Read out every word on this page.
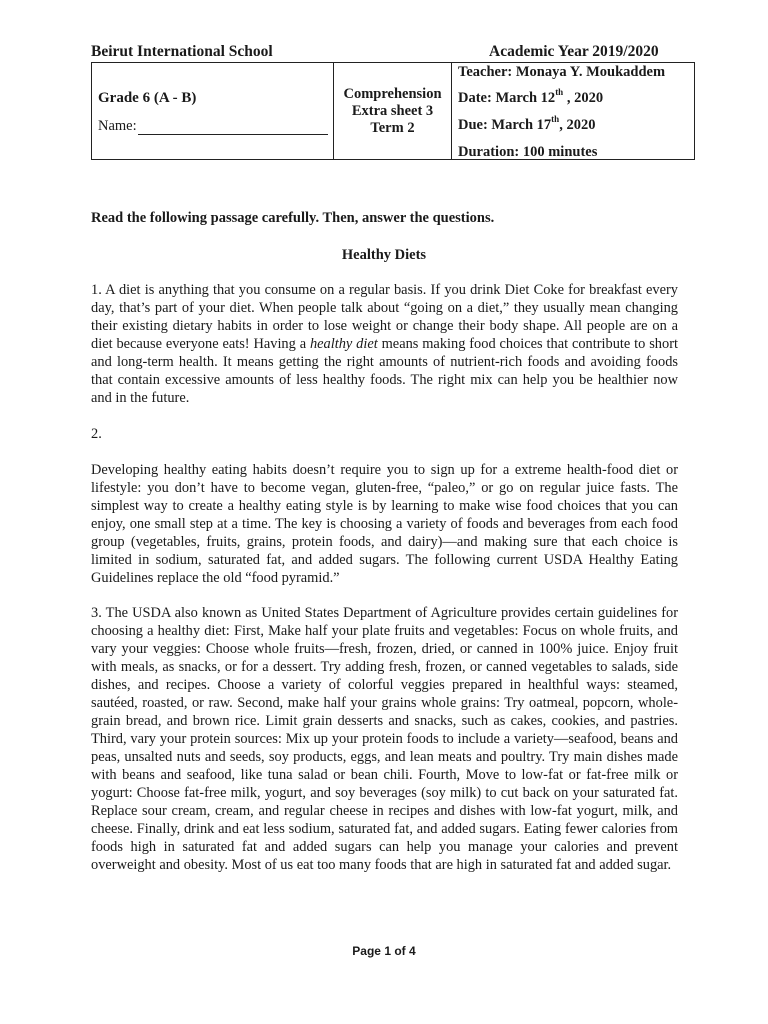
Beirut International School	Academic Year 2019/2020
Grade 6 (A - B)
Name:

Comprehension
Extra sheet 3
Term 2

Teacher: Monaya Y. Moukaddem
Date: March 12th , 2020
Due: March 17th, 2020
Duration: 100 minutes
Read the following passage carefully. Then, answer the questions.
Healthy Diets
1. A diet is anything that you consume on a regular basis. If you drink Diet Coke for breakfast every day, that’s part of your diet. When people talk about “going on a diet,” they usually mean changing their existing dietary habits in order to lose weight or change their body shape. All people are on a diet because everyone eats! Having a healthy diet means making food choices that contribute to short and long-term health. It means getting the right amounts of nutrient-rich foods and avoiding foods that contain excessive amounts of less healthy foods. The right mix can help you be healthier now and in the future.
2.
Developing healthy eating habits doesn’t require you to sign up for a extreme health-food diet or lifestyle: you don’t have to become vegan, gluten-free, “paleo,” or go on regular juice fasts. The simplest way to create a healthy eating style is by learning to make wise food choices that you can enjoy, one small step at a time. The key is choosing a variety of foods and beverages from each food group (vegetables, fruits, grains, protein foods, and dairy)—and making sure that each choice is limited in sodium, saturated fat, and added sugars. The following current USDA Healthy Eating Guidelines replace the old “food pyramid.”
3. The USDA also known as United States Department of Agriculture provides certain guidelines for choosing a healthy diet: First, Make half your plate fruits and vegetables: Focus on whole fruits, and vary your veggies: Choose whole fruits—fresh, frozen, dried, or canned in 100% juice. Enjoy fruit with meals, as snacks, or for a dessert. Try adding fresh, frozen, or canned vegetables to salads, side dishes, and recipes. Choose a variety of colorful veggies prepared in healthful ways: steamed, sautéed, roasted, or raw. Second, make half your grains whole grains: Try oatmeal, popcorn, whole-grain bread, and brown rice. Limit grain desserts and snacks, such as cakes, cookies, and pastries. Third, vary your protein sources: Mix up your protein foods to include a variety—seafood, beans and peas, unsalted nuts and seeds, soy products, eggs, and lean meats and poultry. Try main dishes made with beans and seafood, like tuna salad or bean chili. Fourth, Move to low-fat or fat-free milk or yogurt: Choose fat-free milk, yogurt, and soy beverages (soy milk) to cut back on your saturated fat. Replace sour cream, cream, and regular cheese in recipes and dishes with low-fat yogurt, milk, and cheese. Finally, drink and eat less sodium, saturated fat, and added sugars. Eating fewer calories from foods high in saturated fat and added sugars can help you manage your calories and prevent overweight and obesity. Most of us eat too many foods that are high in saturated fat and added sugar.
Page 1 of 4
